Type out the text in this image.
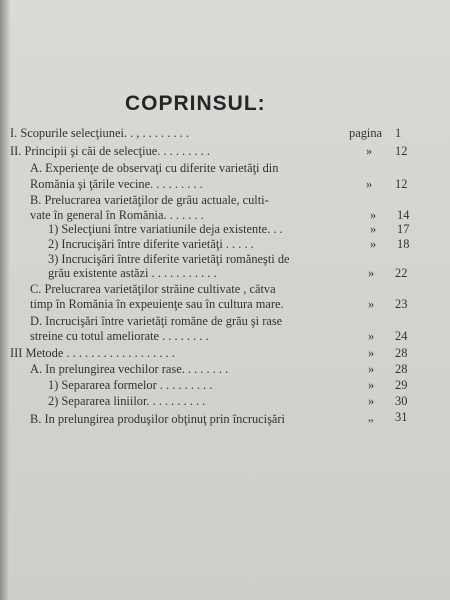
COPRINSUL:
I. Scopurile selecţiunei. . , . . . . . . . .	pagina 1
II. Principii şi căi de selecţiue. . . . . . . . .	» 12
A. Experienţe de observaţi cu diferite varietăţi din
Romănia şi ţările vecine. . . . . . . . .	» 12
B. Prelucrarea varietăţilor de grâu actuale, culti-
vate în general în Romănia. . . . . . .	» 14
1) Selecţiuni între variatiunile deja existente. . .	» 17
2) Incrucişări între diferite varietăţi . . . . .	» 18
3) Incrucişări între diferite varietăţi romăneşti de
grău existente astăzi . . . . . . . . . . .	» 22
C. Prelucrarea varietăţilor străine cultivate , câtva
timp în Romănia în expeuienţe sau în cultura mare.	» 23
D. Incrucişări între varietăţi romăne de grău şi rase
streine cu totul ameliorate . . . . . . . .	» 24
III Metode . . . . . . . . . . . . . . . . . .	» 28
A. In prelungirea vechilor rase. . . . . . . .	» 28
1) Separarea formelor . . . . . . . . .	» 29
2) Separarea liniilor. . . . . . . . . .	» 30
B. In prelungirea produşilor obţinuţ prin încrucişări	„ 31
